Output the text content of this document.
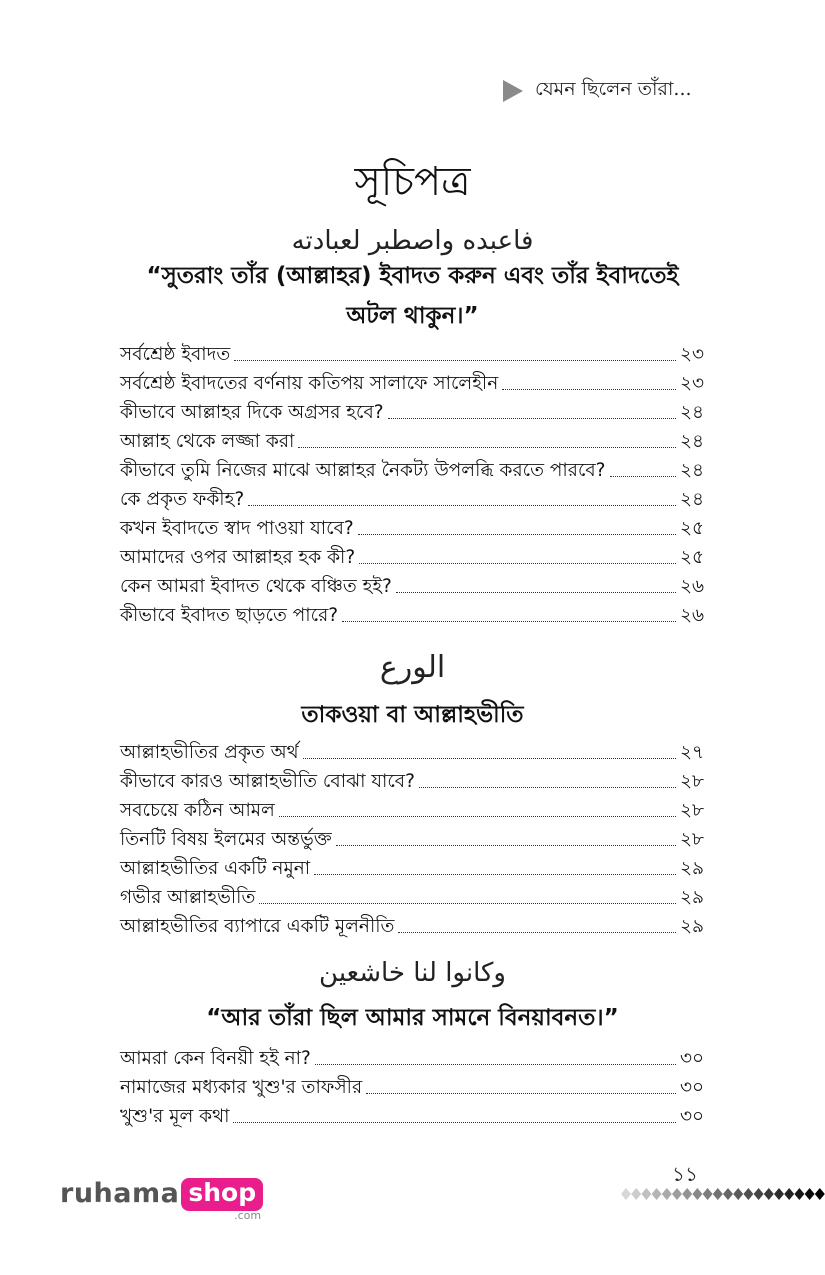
যেমন ছিলেন তাঁরা...
সূচিপত্র
فاعبده واصطبر لعبادته
“সুতরাং তাঁর (আল্লাহর) ইবাদত করুন এবং তাঁর ইবাদতেই অটল থাকুন।”
সর্বশ্রেষ্ঠ ইবাদত	২৩
সর্বশ্রেষ্ঠ ইবাদতের বর্ণনায় কতিপয় সালাফে সালেহীন	২৩
কীভাবে আল্লাহর দিকে অগ্রসর হবে?	২৪
আল্লাহ থেকে লজ্জা করা	২৪
কীভাবে তুমি নিজের মাঝে আল্লাহর নৈকট্য উপলব্ধি করতে পারবে?	২৪
কে প্রকৃত ফকীহ?	২৪
কখন ইবাদতে স্বাদ পাওয়া যাবে?	২৫
আমাদের ওপর আল্লাহর হক কী?	২৫
কেন আমরা ইবাদত থেকে বঞ্চিত হই?	২৬
কীভাবে ইবাদত ছাড়তে পারে?	২৬
الورع
তাকওয়া বা আল্লাহভীতি
আল্লাহভীতির প্রকৃত অর্থ	২৭
কীভাবে কারও আল্লাহভীতি বোঝা যাবে?	২৮
সবচেয়ে কঠিন আমল	২৮
তিনটি বিষয় ইলমের অন্তর্ভুক্ত	২৮
আল্লাহভীতির একটি নমুনা	২৯
গভীর আল্লাহভীতি	২৯
আল্লাহভীতির ব্যাপারে একটি মূলনীতি	২৯
وكانوا لنا خاشعين
“আর তাঁরা ছিল আমার সামনে বিনয়াবনত।”
আমরা কেন বিনয়ী হই না?	৩০
নামাজের মধ্যকার খুশু'র তাফসীর	৩০
খুশু'র মূল কথা	৩০
ruhama shop
.com
১১
